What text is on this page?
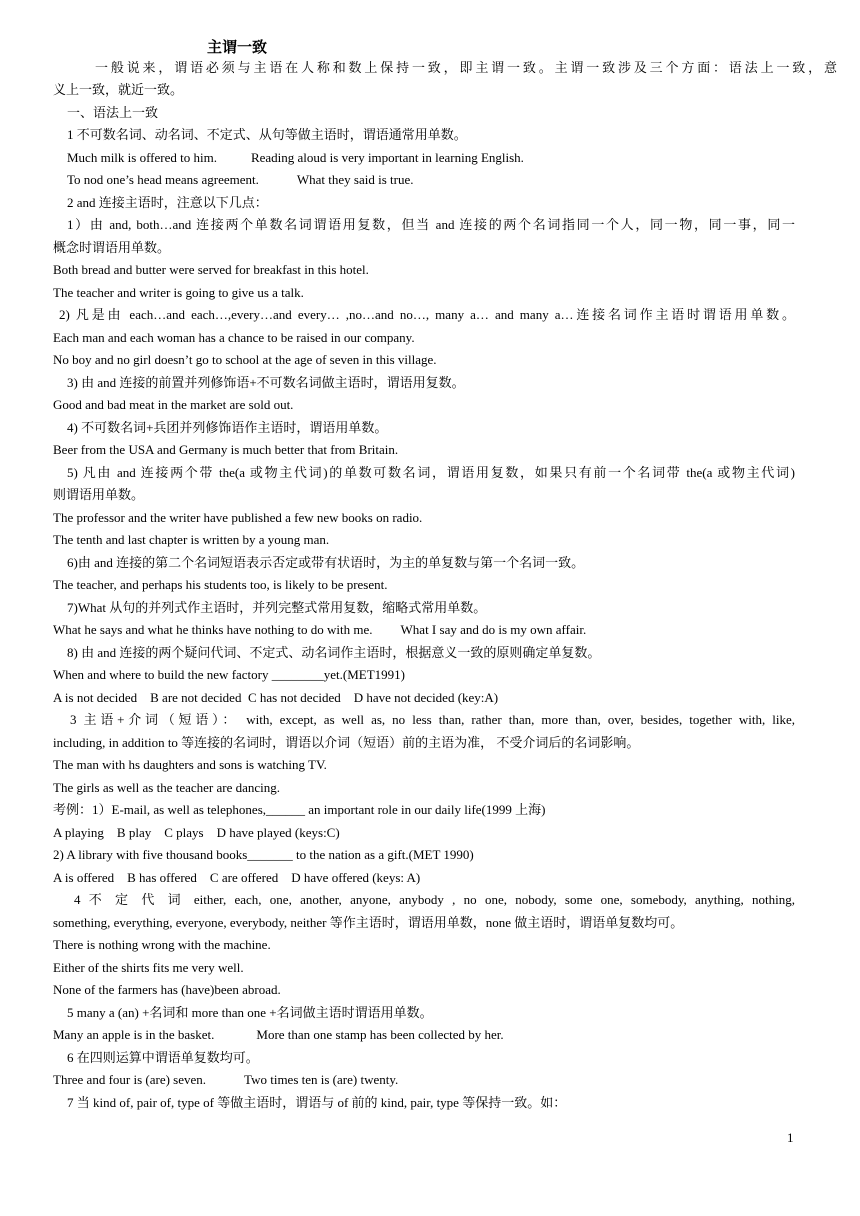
主谓一致
一般说来，谓语必须与主语在人称和数上保持一致，即主谓一致。主谓一致涉及三个方面：语法上一致，意
义上一致，就近一致。
一、语法上一致
1 不可数名词、动名词、不定式、从句等做主语时，谓语通常用单数。
Much milk is offered to him.	Reading aloud is very important in learning English.
To nod one’s head means agreement.	What they said is true.
2 and 连接主语时，注意以下几点：
1）由 and, both…and 连接两个单数名词谓语用复数，但当 and 连接的两个名词指同一个人，同一物，同一事，同一
概念时谓语用单数。
Both bread and butter were served for breakfast in this hotel.
The teacher and writer is going to give us a talk.
2) 凡是由 each…and each…,every…and every… ,no…and no…, many a… and many a…连接名词作主语时谓语用单数。
Each man and each woman has a chance to be raised in our company.
No boy and no girl doesn’t go to school at the age of seven in this village.
3) 由 and 连接的前置并列修饰语+不可数名词做主语时，谓语用复数。
Good and bad meat in the market are sold out.
4) 不可数名词+兵团并列修饰语作主语时，谓语用单数。
Beer from the USA and Germany is much better that from Britain.
5) 凡由 and 连接两个带 the(a 或物主代词)的单数可数名词，谓语用复数，如果只有前一个名词带 the(a 或物主代词)
则谓语用单数。
The professor and the writer have published a few new books on radio.
The tenth and last chapter is written by a young man.
6)由 and 连接的第二个名词短语表示否定或带有状语时，为主的单复数与第一个名词一致。
The teacher, and perhaps his students too, is likely to be present.
7)What 从句的并列式作主语时，并列完整式常用复数，缩略式常用单数。
What he says and what he thinks have nothing to do with me. What I say and do is my own affair.
8) 由 and 连接的两个疑问代词、不定式、动名词作主语时，根据意义一致的原则确定单复数。
When and where to build the new factory ________yet.(MET1991)
A is not decided    B are not decided  C has not decided    D have not decided (key:A)
3 主语+介词（短语）： with, except, as well as, no less than, rather than, more than, over, besides, together with, like,
including, in addition to 等连接的名词时，谓语以介词（短语）前的主语为准， 不受介词后的名词影响。
The man with hs daughters and sons is watching TV.
The girls as well as the teacher are dancing.
考例：1）E-mail, as well as telephones,______ an important role in our daily life(1999 上海)
A playing    B play    C plays    D have played (keys:C)
2) A library with five thousand books_______ to the nation as a gift.(MET 1990)
A is offered    B has offered    C are offered    D have offered (keys: A)
4 不 定 代 词 either, each, one, another, anyone, anybody , no one, nobody, some one, somebody, anything, nothing,
something, everything, everyone, everybody, neither 等作主语时，谓语用单数，none 做主语时，谓语单复数均可。
There is nothing wrong with the machine.
Either of the shirts fits me very well.
None of the farmers has (have)been abroad.
5 many a (an) +名词和 more than one +名词做主语时谓语用单数。
Many an apple is in the basket.	More than one stamp has been collected by her.
6 在四则运算中谓语单复数均可。
Three and four is (are) seven.	Two times ten is (are) twenty.
7 当 kind of, pair of, type of 等做主语时，谓语与 of 前的 kind, pair, type 等保持一致。如：
1
